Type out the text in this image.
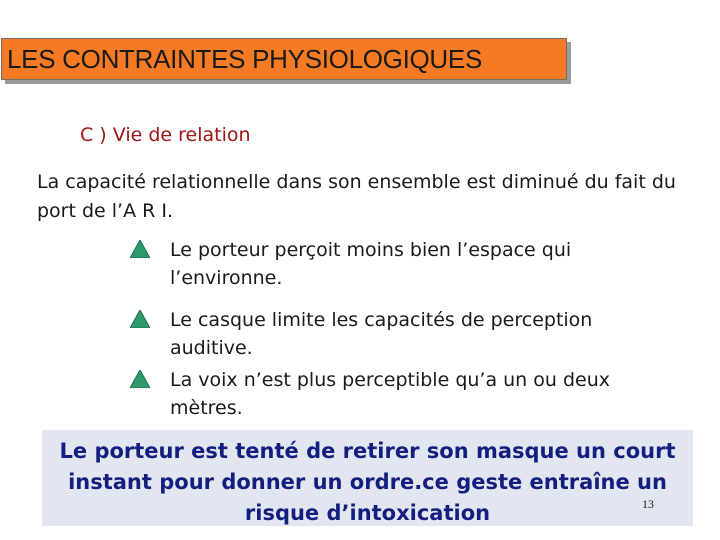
LES CONTRAINTES PHYSIOLOGIQUES
C ) Vie de relation
La capacité relationnelle dans son ensemble est diminué du fait du port de l’A R I.
Le porteur perçoit moins bien l’espace qui l’environne.
Le casque limite les capacités de perception auditive.
La voix n’est plus perceptible qu’a un ou deux mètres.
Le porteur est tenté de retirer son masque un court instant pour donner un ordre.ce geste entraîne un risque d’intoxication	13
